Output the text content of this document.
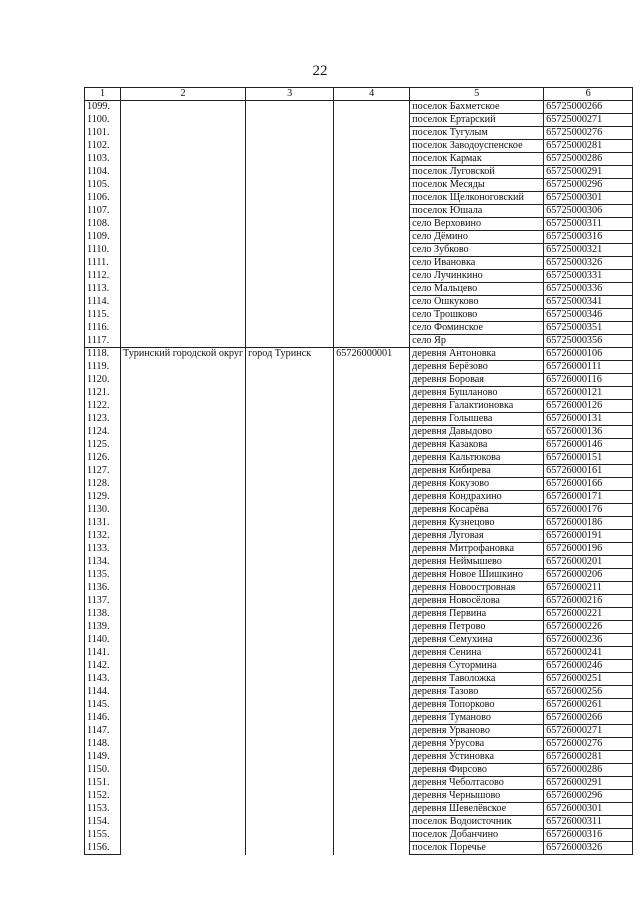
22
1	2	3	4	5	6
1099.				поселок Бахметское	65725000266
1100.				поселок Ертарский	65725000271
1101.				поселок Тугулым	65725000276
1102.				поселок Заводоуспенское	65725000281
1103.				поселок Кармак	65725000286
1104.				поселок Луговской	65725000291
1105.				поселок Месяды	65725000296
1106.				поселок Щелконоговский	65725000301
1107.				поселок Юшала	65725000306
1108.				село Верховино	65725000311
1109.				село Дёмино	65725000316
1110.				село Зубково	65725000321
1111.				село Ивановка	65725000326
1112.				село Лучинкино	65725000331
1113.				село Мальцево	65725000336
1114.				село Ошкуково	65725000341
1115.				село Трошково	65725000346
1116.				село Фоминское	65725000351
1117.				село Яр	65725000356
1118.	Туринский городской округ	город Туринск	65726000001	деревня Антоновка	65726000106
1119.				деревня Берёзово	65726000111
1120.				деревня Боровая	65726000116
1121.				деревня Бушланово	65726000121
1122.				деревня Галактионовка	65726000126
1123.				деревня Голышева	65726000131
1124.				деревня Давыдово	65726000136
1125.				деревня Казакова	65726000146
1126.				деревня Кальтюкова	65726000151
1127.				деревня Кибирева	65726000161
1128.				деревня Кокузово	65726000166
1129.				деревня Кондрахино	65726000171
1130.				деревня Косарёва	65726000176
1131.				деревня Кузнецово	65726000186
1132.				деревня Луговая	65726000191
1133.				деревня Митрофановка	65726000196
1134.				деревня Неймышево	65726000201
1135.				деревня Новое Шишкино	65726000206
1136.				деревня Новоостровная	65726000211
1137.				деревня Новосёлова	65726000216
1138.				деревня Первина	65726000221
1139.				деревня Петрово	65726000226
1140.				деревня Семухина	65726000236
1141.				деревня Сенина	65726000241
1142.				деревня Сутормина	65726000246
1143.				деревня Таволожка	65726000251
1144.				деревня Тазово	65726000256
1145.				деревня Топорково	65726000261
1146.				деревня Туманово	65726000266
1147.				деревня Урваново	65726000271
1148.				деревня Урусова	65726000276
1149.				деревня Устиновка	65726000281
1150.				деревня Фирсово	65726000286
1151.				деревня Чеболтасово	65726000291
1152.				деревня Чернышово	65726000296
1153.				деревня Шевелёвское	65726000301
1154.				поселок Водоисточник	65726000311
1155.				поселок Добанчино	65726000316
1156.				поселок Поречье	65726000326
